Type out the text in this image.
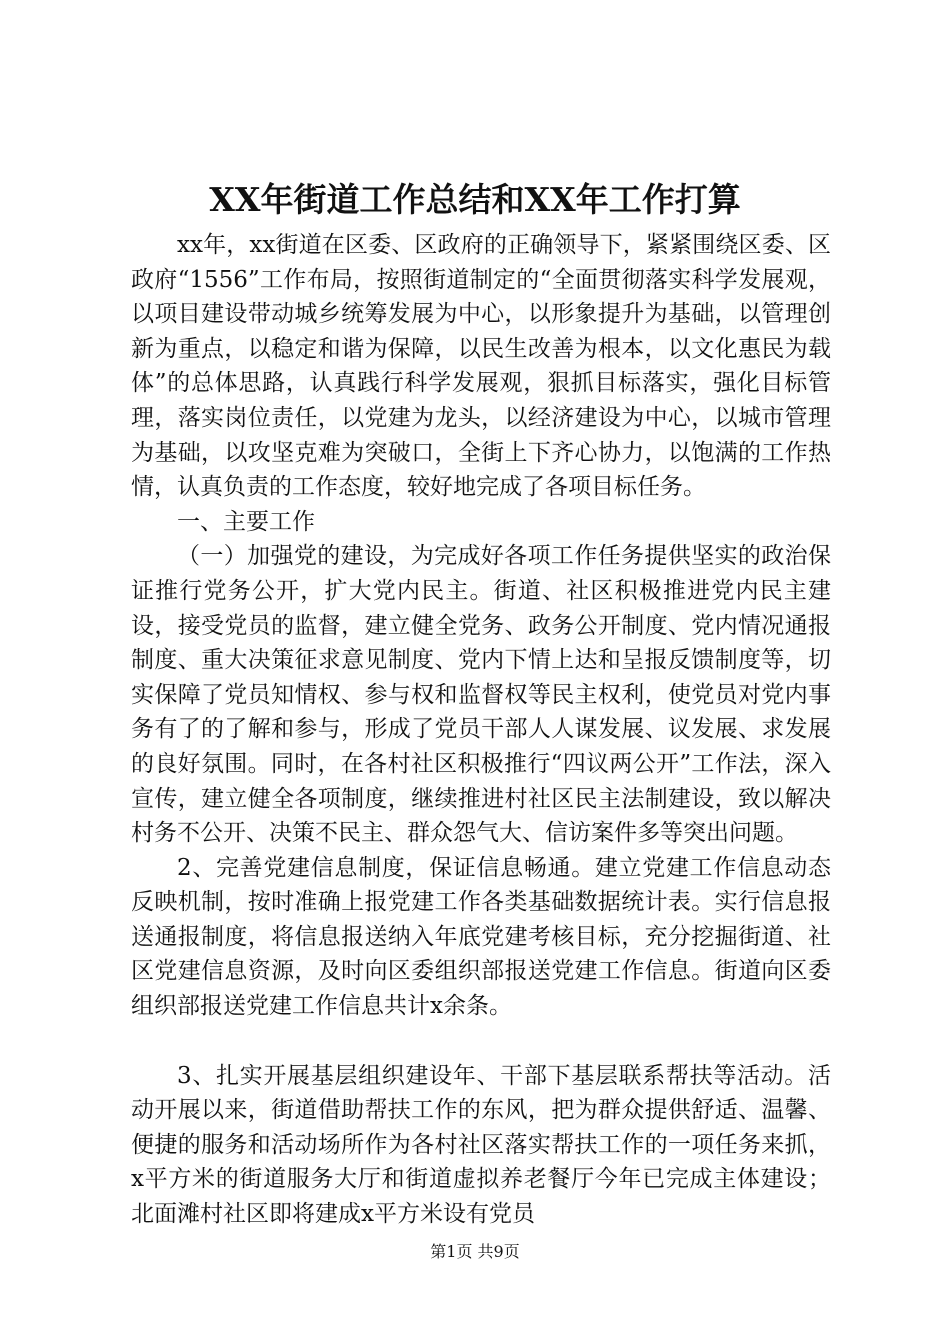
XX年街道工作总结和XX年工作打算

xx年，xx街道在区委、区政府的正确领导下，紧紧围绕区委、区政府“1556”工作布局，按照街道制定的“全面贯彻落实科学发展观，以项目建设带动城乡统筹发展为中心，以形象提升为基础，以管理创新为重点，以稳定和谐为保障，以民生改善为根本，以文化惠民为载体”的总体思路，认真践行科学发展观，狠抓目标落实，强化目标管理，落实岗位责任，以党建为龙头，以经济建设为中心，以城市管理为基础，以攻坚克难为突破口，全街上下齐心协力，以饱满的工作热情，认真负责的工作态度，较好地完成了各项目标任务。

一、主要工作

（一）加强党的建设，为完成好各项工作任务提供坚实的政治保证推行党务公开，扩大党内民主。街道、社区积极推进党内民主建设，接受党员的监督，建立健全党务、政务公开制度、党内情况通报制度、重大决策征求意见制度、党内下情上达和呈报反馈制度等，切实保障了党员知情权、参与权和监督权等民主权利，使党员对党内事务有了的了解和参与，形成了党员干部人人谋发展、议发展、求发展的良好氛围。同时，在各村社区积极推行“四议两公开”工作法，深入宣传，建立健全各项制度，继续推进村社区民主法制建设，致以解决村务不公开、决策不民主、群众怨气大、信访案件多等突出问题。

2、完善党建信息制度，保证信息畅通。建立党建工作信息动态反映机制，按时准确上报党建工作各类基础数据统计表。实行信息报送通报制度，将信息报送纳入年底党建考核目标，充分挖掘街道、社区党建信息资源，及时向区委组织部报送党建工作信息。街道向区委组织部报送党建工作信息共计x余条。

3、扎实开展基层组织建设年、干部下基层联系帮扶等活动。活动开展以来，街道借助帮扶工作的东风，把为群众提供舒适、温馨、便捷的服务和活动场所作为各村社区落实帮扶工作的一项任务来抓，x平方米的街道服务大厅和街道虚拟养老餐厅今年已完成主体建设；北面滩村社区即将建成x平方米设有党员

第1页 共9页
